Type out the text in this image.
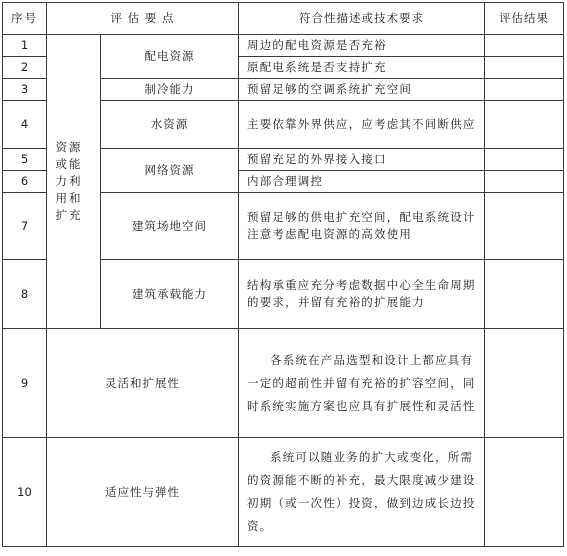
序号	评 估 要 点		符合性描述或技术要求	评估结果
1	资源或能力利用和扩充	配电资源	周边的配电资源是否充裕	
2			原配电系统是否支持扩充	
3		制冷能力	预留足够的空调系统扩充空间	
4		水资源	主要依靠外界供应，应考虑其不间断供应	
5		网络资源	预留充足的外界接入接口	
6			内部合理调控	
7		建筑场地空间	预留足够的供电扩充空间，配电系统设计注意考虑配电资源的高效使用	
8		建筑承载能力	结构承重应充分考虑数据中心全生命周期的要求，并留有充裕的扩展能力	
9	灵活和扩展性		各系统在产品选型和设计上都应具有一定的超前性并留有充裕的扩容空间，同时系统实施方案也应具有扩展性和灵活性	
10	适应性与弹性		系统可以随业务的扩大或变化，所需的资源能不断的补充，最大限度减少建设初期（或一次性）投资，做到边成长边投资。	
